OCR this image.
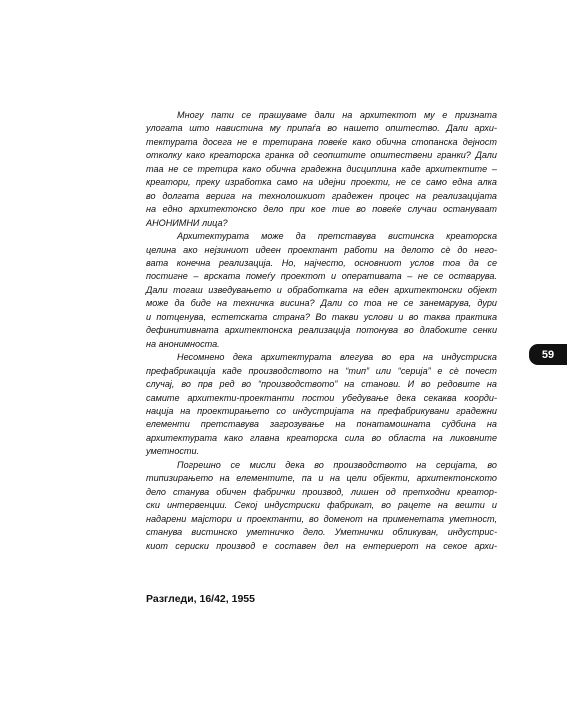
Многу пати се прашуваме дали на архитектот му е признатa
улогата што нaвистина му припаѓа во нашето општество. Дали архи-
тектурата досега не е третирана повеќе како обична стопанска дејност
отколку како креаторска гранка од сеопштите општествени гранки? Дали
таа не се третира како обична градежна дисциплина каде архитектите –
креатори, преку изработка само на идејни проекти, не се само една алка
во долгата верига на технолошкиот градежен процес на реализацијата
на едно архитектонско дело при кое тие во повеќе случаи остануваат
АНОНИМНИ лица?

Архитектурата може да претставува вистинска креаторска
целина ако нејзиниот идеен проектант работи на делото сè до него-
вата конечна реализација. Но, најчесто, основниот услов тоа да се
постигне – врската помеѓу проектот и оперативата – не се остварува.
Дали тогаш изведувањето и обработката на еден архитектонски објект
може да биде на техничка висина? Дали со тоа не се занемарува, дури
и потценува, естетската страна? Во такви услови и во таква практика
дефинитивната архитектонска реализација потонува во длабоките сенки
на анонимноста.

Несомнено дека архитектурата влегува во ера на индустриска
префабрикација каде производството на “тип” или “серија” е сè почест
случај, во прв ред во “производството” на станови. И во редовите на
самите архитекти-проектанти постои убедување дека секаква коорди-
нација на проектирањето со индустријата на префабрикувани градежни
елементи претставува загрозување на понатамошната судбина на
архитектурата како главна креаторска сила во областа на ликовните
уметности.

Погрешно се мисли дека во производството на серијата, во
типизирањето на елементите, па и на цели објекти, архитектонското
дело станува обичен фабрички производ, лишен од претходни креатор-
ски интервенции. Секој индустриски фабрикат, во рацете на вешти и
надарени мајстори и проектанти, во доменот на применетата уметност,
станува вистинско уметничко дело. Уметнички обликуван, индустрис-
киот сериски производ е составен дел на ентериерот на секое архи-

59
Разгледи, 16/42, 1955
